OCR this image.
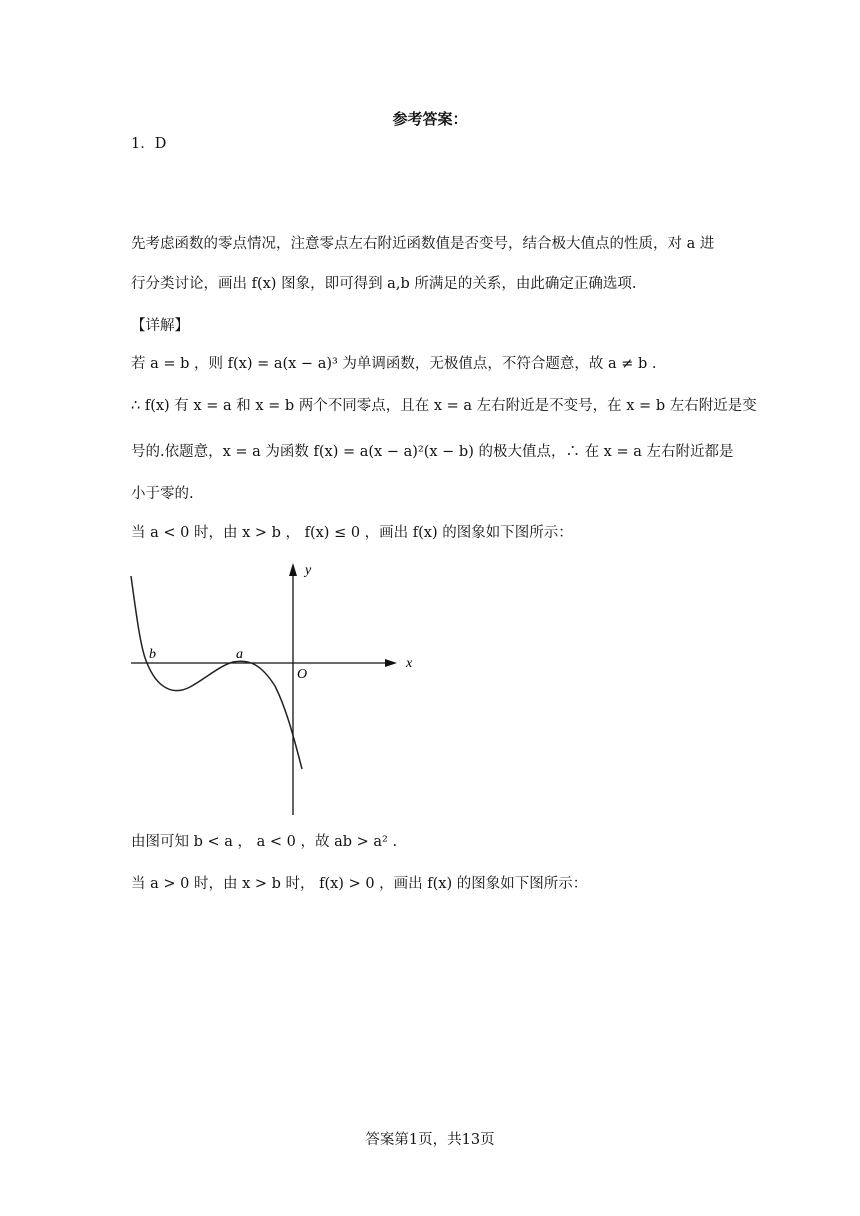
参考答案：
1．D
先考虑函数的零点情况，注意零点左右附近函数值是否变号，结合极大值点的性质，对 a 进
行分类讨论，画出 f(x) 图象，即可得到 a,b 所满足的关系，由此确定正确选项.
【详解】
若 a = b ，则 f(x) = a(x − a)³ 为单调函数，无极值点，不符合题意，故 a ≠ b .
∴ f(x) 有 x = a 和 x = b 两个不同零点，且在 x = a 左右附近是不变号，在 x = b 左右附近是变
号的.依题意，x = a 为函数 f(x) = a(x − a)²(x − b) 的极大值点，∴ 在 x = a 左右附近都是
小于零的.
当 a < 0 时，由 x > b ， f(x) ≤ 0 ，画出 f(x) 的图象如下图所示：
x
y
O
b	a
由图可知 b < a ， a < 0 ，故 ab > a² .
当 a > 0 时，由 x > b 时， f(x) > 0 ，画出 f(x) 的图象如下图所示：
答案第1页，共13页
